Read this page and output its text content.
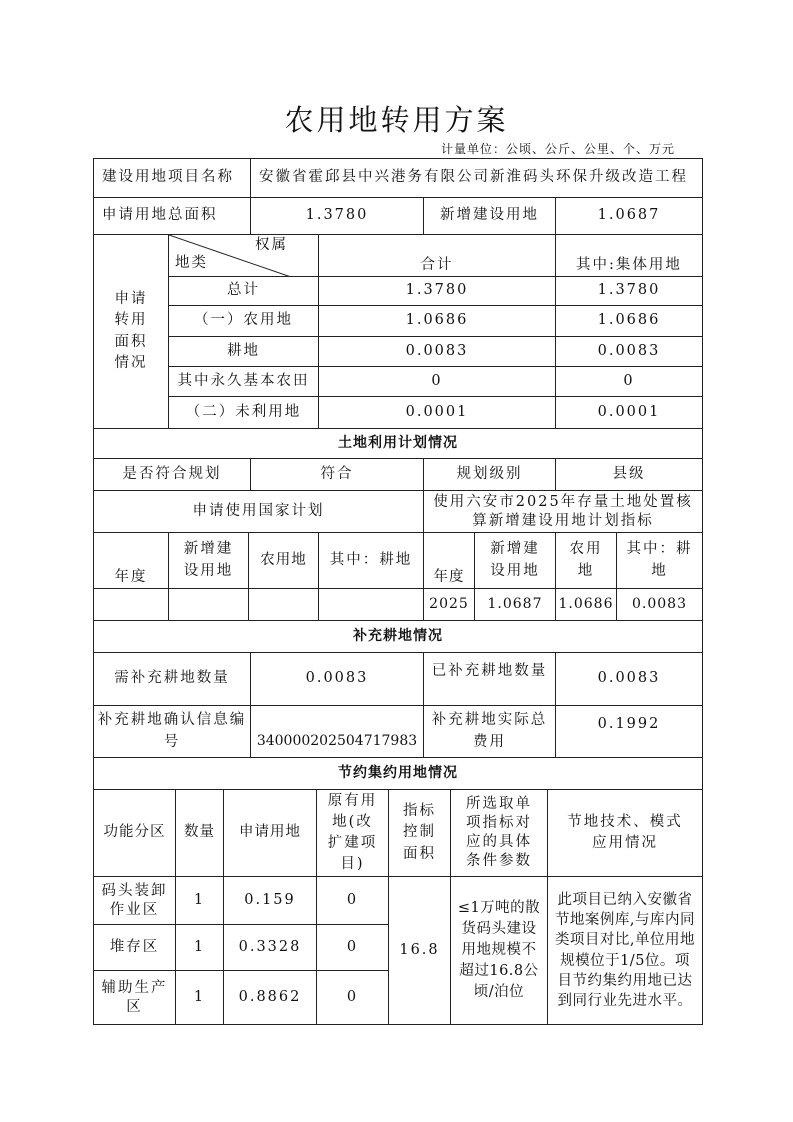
农用地转用方案
计量单位：公顷、公斤、公里、个、万元
建设用地项目名称	安徽省霍邱县中兴港务有限公司新淮码头环保升级改造工程		
申请用地总面积	1.3780	新增建设用地	1.0687
申请转用面积情况	权属
地类	合计	其中:集体用地
	总计	1.3780	1.3780
	（一）农用地	1.0686	1.0686
	耕地	0.0083	0.0083
	其中永久基本农田	0	0
	（二）未利用地	0.0001	0.0001
土地利用计划情况			
是否符合规划	符合	规划级别	县级
申请使用国家计划		使用六安市2025年存量土地处置核算新增建设用地计划指标	
年度	新增建设用地	农用地	其中：耕地	年度	新增建设用地	农用地	其中：耕地
				2025	1.0687	1.0686	0.0083
补充耕地情况			
需补充耕地数量	0.0083	已补充耕地数量	0.0083
补充耕地确认信息编号	340000202504717983	补充耕地实际总费用	0.1992
节约集约用地情况			
功能分区	数量	申请用地	原有用地(改扩建项目)	指标控制面积	所选取单项指标对应的具体条件参数	节地技术、模式应用情况
码头装卸作业区	1	0.159	0	16.8	≤1万吨的散货码头建设用地规模不超过16.8公顷/泊位	此项目已纳入安徽省节地案例库,与库内同类项目对比,单位用地规模位于1/5位。项目节约集约用地已达到同行业先进水平。
堆存区	1	0.3328	0			
辅助生产区	1	0.8862	0			
